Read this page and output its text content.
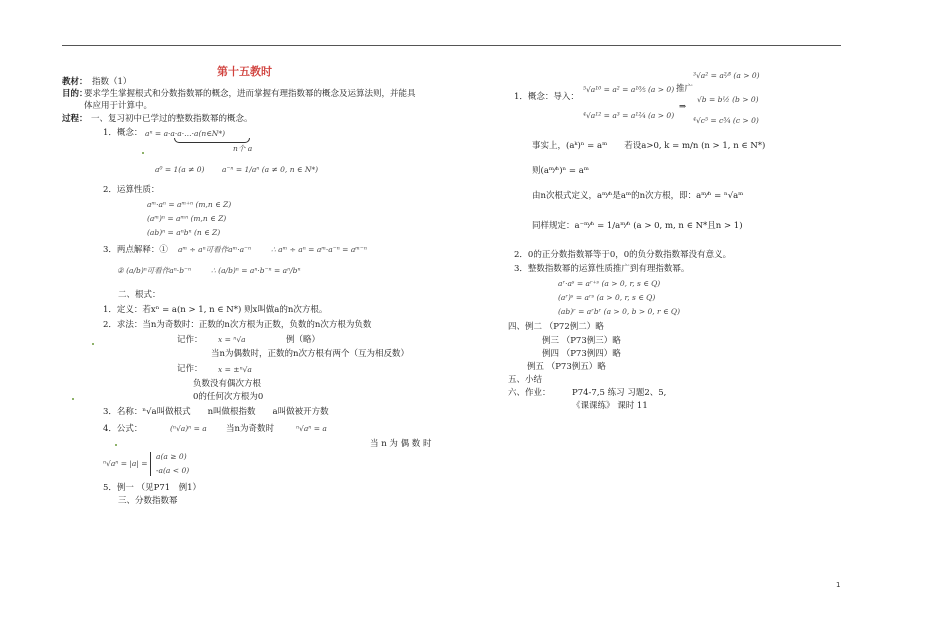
第十五教时
教材： 指数（1）
目的：
要求学生掌握根式和分数指数幂的概念，进而掌握有理指数幂的概念及运算法则，并能具
体应用于计算中。
过程： 一、复习初中已学过的整数指数幂的概念。
1．概念： aⁿ = a·a·a·…·a(n∈N*)
n个 a
a⁰ = 1(a ≠ 0) a⁻ⁿ = 1/aⁿ (a ≠ 0, n ∈ N*)
2．运算性质：
aᵐ·aⁿ = aᵐ⁺ⁿ (m,n ∈ Z)
(aᵐ)ⁿ = aᵐⁿ (m,n ∈ Z)
(ab)ⁿ = aⁿbⁿ (n ∈ Z)
3．两点解释：① aᵐ ÷ aⁿ可看作aᵐ·a⁻ⁿ	∴ aᵐ ÷ aⁿ = aᵐ·a⁻ⁿ = aᵐ⁻ⁿ
② (a/b)ⁿ可看作aⁿ·b⁻ⁿ	∴ (a/b)ⁿ = aⁿ·b⁻ⁿ = aⁿ/bⁿ
二、根式：
1．定义：若xⁿ = a(n > 1, n ∈ N*) 则x叫做a的n次方根。
2．求法：当n为奇数时：正数的n次方根为正数，负数的n次方根为负数
记作： x = ⁿ√a	例（略）
当n为偶数时，正数的n次方根有两个（互为相反数）
记作： x = ±ⁿ√a
负数没有偶次方根
0的任何次方根为0
3．名称：ⁿ√a叫做根式　　n叫做根指数　　a叫做被开方数
4．公式：	(ⁿ√a)ⁿ = a 当n为奇数时	ⁿ√aⁿ = a
当 n 为 偶 数 时
ⁿ√aⁿ = |a| =
a(a ≥ 0)
-a(a < 0)
5．例一 （见P71　例1）
三、分数指数幂
1．概念：导入：
⁵√a¹⁰ = a² = a¹⁰⁄₅ (a > 0)
⁴√a¹² = a³ = a¹²⁄₄ (a > 0)
推广
⇒
³√a² = a²⁄³ (a > 0)
√b = b½ (b > 0)
⁴√c⁵ = c⁵⁄₄ (c > 0)
事实上，(aᵏ)ⁿ = aᵐ　　若设a>0, k = m/n (n > 1, n ∈ N*)
则(aᵐ⁄ⁿ)ⁿ = aᵐ
由n次根式定义，aᵐ⁄ⁿ是aᵐ的n次方根，即：aᵐ⁄ⁿ = ⁿ√aᵐ
同样规定：a⁻ᵐ⁄ⁿ = 1/aᵐ⁄ⁿ (a > 0, m, n ∈ N*且n > 1)
2．0的正分数指数幂等于0，0的负分数指数幂没有意义。
3．整数指数幂的运算性质推广到有理指数幂。
aʳ·aˢ = aʳ⁺ˢ (a > 0, r, s ∈ Q)
(aʳ)ˢ = aʳˢ (a > 0, r, s ∈ Q)
(ab)ʳ = aʳbʳ (a > 0, b > 0, r ∈ Q)
四、例二 （P72例二）略
例三 （P73例三）略
例四 （P73例四）略
例五 （P73例五）略
五、小结
六、作业：	P74-7,5 练习 习题2、5,
《课课练》 课时 11
1
